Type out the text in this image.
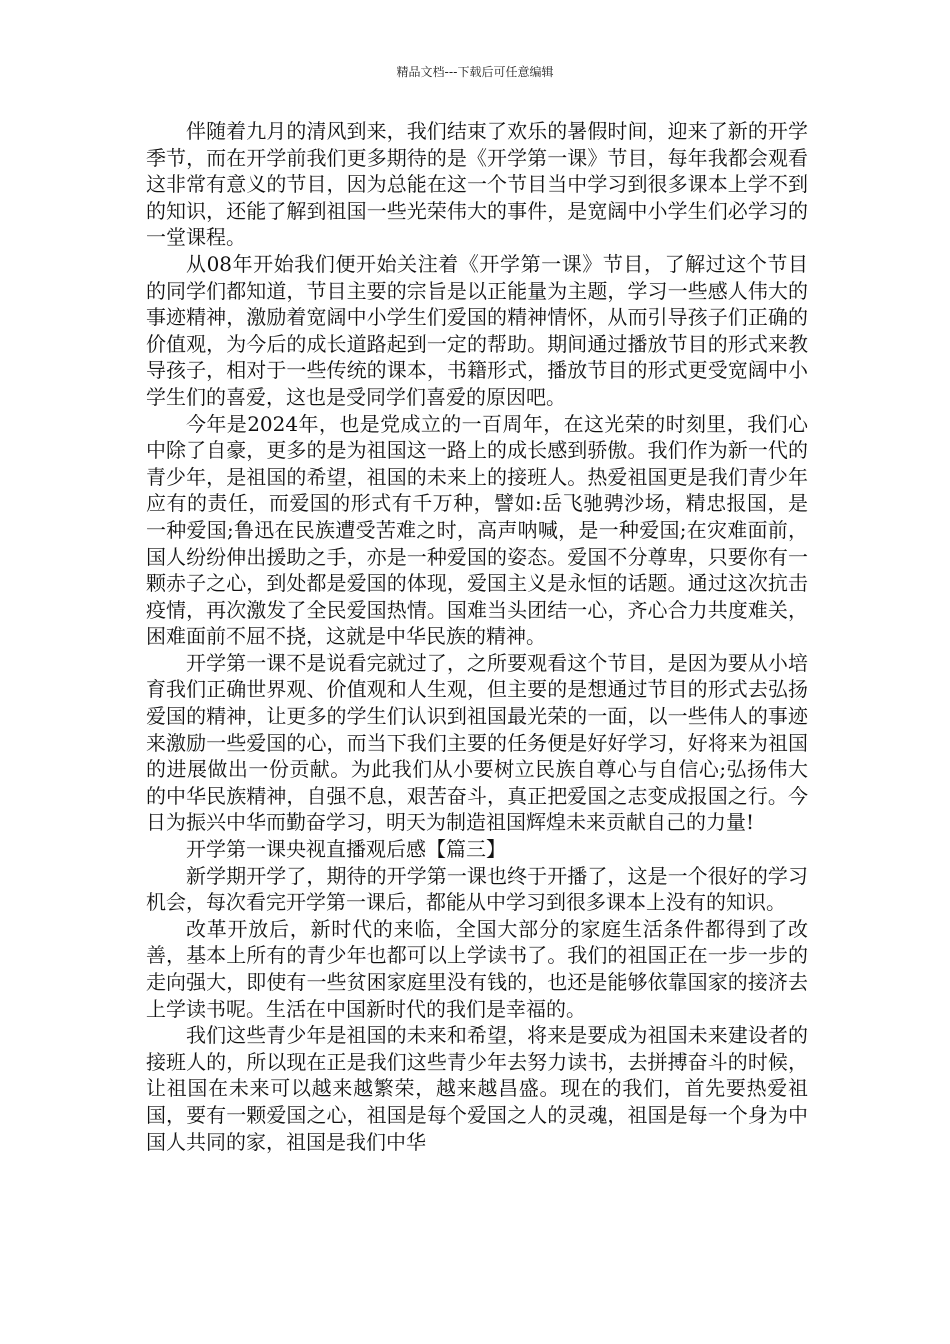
精品文档---下载后可任意编辑

伴随着九月的清风到来，我们结束了欢乐的暑假时间，迎来了新的开学季节，而在开学前我们更多期待的是《开学第一课》节目，每年我都会观看这非常有意义的节目，因为总能在这一个节目当中学习到很多课本上学不到的知识，还能了解到祖国一些光荣伟大的事件，是宽阔中小学生们必学习的一堂课程。

从08年开始我们便开始关注着《开学第一课》节目，了解过这个节目的同学们都知道，节目主要的宗旨是以正能量为主题，学习一些感人伟大的事迹精神，激励着宽阔中小学生们爱国的精神情怀，从而引导孩子们正确的价值观，为今后的成长道路起到一定的帮助。期间通过播放节目的形式来教导孩子，相对于一些传统的课本，书籍形式，播放节目的形式更受宽阔中小学生们的喜爱，这也是受同学们喜爱的原因吧。

今年是2024年，也是党成立的一百周年，在这光荣的时刻里，我们心中除了自豪，更多的是为祖国这一路上的成长感到骄傲。我们作为新一代的青少年，是祖国的希望，祖国的未来上的接班人。热爱祖国更是我们青少年应有的责任，而爱国的形式有千万种，譬如:岳飞驰骋沙场，精忠报国，是一种爱国;鲁迅在民族遭受苦难之时，高声呐喊，是一种爱国;在灾难面前，国人纷纷伸出援助之手，亦是一种爱国的姿态。爱国不分尊卑，只要你有一颗赤子之心，到处都是爱国的体现，爱国主义是永恒的话题。通过这次抗击疫情，再次激发了全民爱国热情。国难当头团结一心，齐心合力共度难关，困难面前不屈不挠，这就是中华民族的精神。

开学第一课不是说看完就过了，之所要观看这个节目，是因为要从小培育我们正确世界观、价值观和人生观，但主要的是想通过节目的形式去弘扬爱国的精神，让更多的学生们认识到祖国最光荣的一面，以一些伟人的事迹来激励一些爱国的心，而当下我们主要的任务便是好好学习，好将来为祖国的进展做出一份贡献。为此我们从小要树立民族自尊心与自信心;弘扬伟大的中华民族精神，自强不息，艰苦奋斗，真正把爱国之志变成报国之行。今日为振兴中华而勤奋学习，明天为制造祖国辉煌未来贡献自己的力量!

开学第一课央视直播观后感【篇三】

新学期开学了，期待的开学第一课也终于开播了，这是一个很好的学习机会，每次看完开学第一课后，都能从中学习到很多课本上没有的知识。

改革开放后，新时代的来临，全国大部分的家庭生活条件都得到了改善，基本上所有的青少年也都可以上学读书了。我们的祖国正在一步一步的走向强大，即使有一些贫困家庭里没有钱的，也还是能够依靠国家的接济去上学读书呢。生活在中国新时代的我们是幸福的。

我们这些青少年是祖国的未来和希望，将来是要成为祖国未来建设者的接班人的，所以现在正是我们这些青少年去努力读书，去拼搏奋斗的时候，让祖国在未来可以越来越繁荣，越来越昌盛。现在的我们，首先要热爱祖国，要有一颗爱国之心，祖国是每个爱国之人的灵魂，祖国是每一个身为中国人共同的家，祖国是我们中华
